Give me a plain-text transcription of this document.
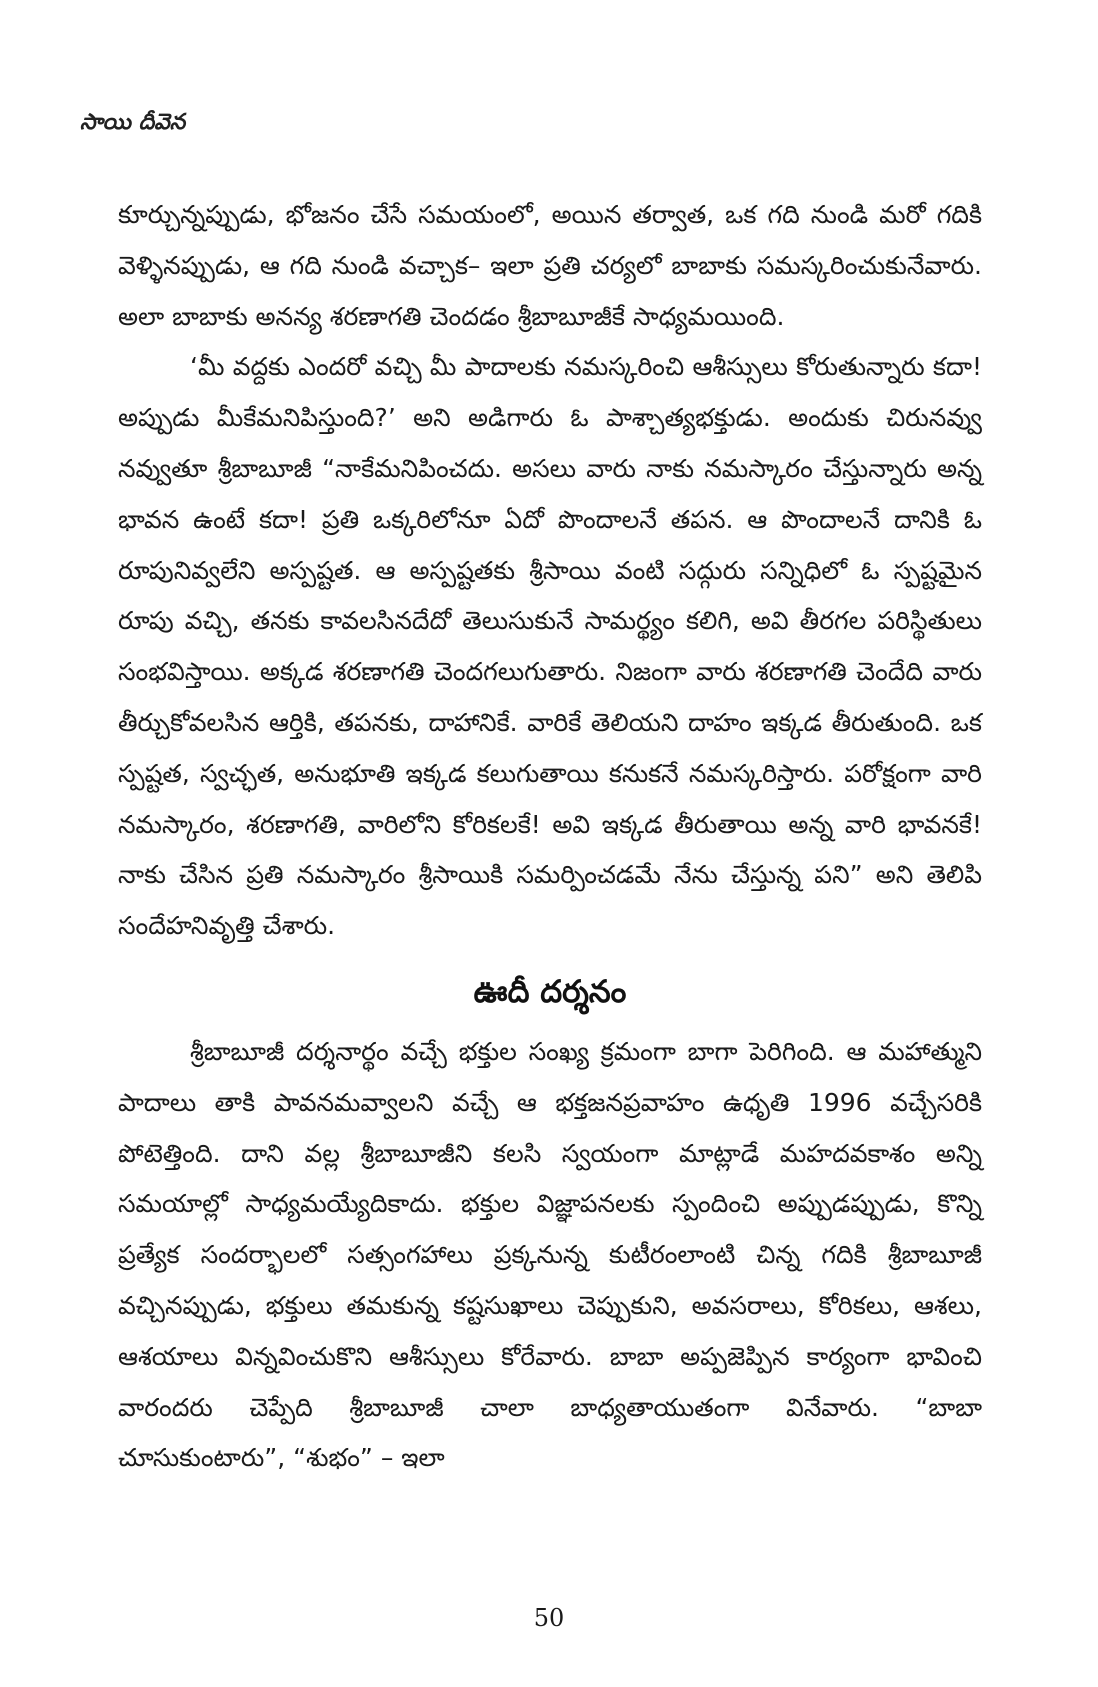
సాయి దీవెన

కూర్చున్నప్పుడు, భోజనం చేసే సమయంలో, అయిన తర్వాత, ఒక గది నుండి మరో గదికి వెళ్ళినప్పుడు, ఆ గది నుండి వచ్చాక– ఇలా ప్రతి చర్యలో బాబాకు సమస్కరించుకునేవారు. అలా బాబాకు అనన్య శరణాగతి చెందడం శ్రీబాబూజీకే సాధ్యమయింది.

‘మీ వద్దకు ఎందరో వచ్చి మీ పాదాలకు నమస్కరించి ఆశీస్సులు కోరుతున్నారు కదా! అప్పుడు మీకేమనిపిస్తుంది?’ అని అడిగారు ఓ పాశ్చాత్యభక్తుడు. అందుకు చిరునవ్వు నవ్వుతూ శ్రీబాబూజీ “నాకేమనిపించదు. అసలు వారు నాకు నమస్కారం చేస్తున్నారు అన్న భావన ఉంటే కదా! ప్రతి ఒక్కరిలోనూ ఏదో పొందాలనే తపన. ఆ పొందాలనే దానికి ఓ రూపునివ్వలేని అస్పష్టత. ఆ అస్పష్టతకు శ్రీసాయి వంటి సద్గురు సన్నిధిలో ఓ స్పష్టమైన రూపు వచ్చి, తనకు కావలసినదేదో తెలుసుకునే సామర్థ్యం కలిగి, అవి తీరగల పరిస్థితులు సంభవిస్తాయి. అక్కడ శరణాగతి చెందగలుగుతారు. నిజంగా వారు శరణాగతి చెందేది వారు తీర్చుకోవలసిన ఆర్తికి, తపనకు, దాహానికే. వారికే తెలియని దాహం ఇక్కడ తీరుతుంది. ఒక స్పష్టత, స్వచ్ఛత, అనుభూతి ఇక్కడ కలుగుతాయి కనుకనే నమస్కరిస్తారు. పరోక్షంగా వారి నమస్కారం, శరణాగతి, వారిలోని కోరికలకే! అవి ఇక్కడ తీరుతాయి అన్న వారి భావనకే! నాకు చేసిన ప్రతి నమస్కారం శ్రీసాయికి సమర్పించడమే నేను చేస్తున్న పని” అని తెలిపి సందేహనివృత్తి చేశారు.

ఊదీ దర్శనం

శ్రీబాబూజీ దర్శనార్థం వచ్చే భక్తుల సంఖ్య క్రమంగా బాగా పెరిగింది. ఆ మహాత్ముని పాదాలు తాకి పావనమవ్వాలని వచ్చే ఆ భక్తజనప్రవాహం ఉధృతి 1996 వచ్చేసరికి పోటెత్తింది. దాని వల్ల శ్రీబాబూజీని కలసి స్వయంగా మాట్లాడే మహదవకాశం అన్ని సమయాల్లో సాధ్యమయ్యేదికాదు. భక్తుల విజ్ఞాపనలకు స్పందించి అప్పుడప్పుడు, కొన్ని ప్రత్యేక సందర్భాలలో సత్సంగహాలు ప్రక్కనున్న కుటీరంలాంటి చిన్న గదికి శ్రీబాబూజీ వచ్చినప్పుడు, భక్తులు తమకున్న కష్టసుఖాలు చెప్పుకుని, అవసరాలు, కోరికలు, ఆశలు, ఆశయాలు విన్నవించుకొని ఆశీస్సులు కోరేవారు. బాబా అప్పజెప్పిన కార్యంగా భావించి వారందరు చెప్పేది శ్రీబాబూజీ చాలా బాధ్యతాయుతంగా వినేవారు. “బాబా చూసుకుంటారు”, “శుభం” – ఇలా

50
